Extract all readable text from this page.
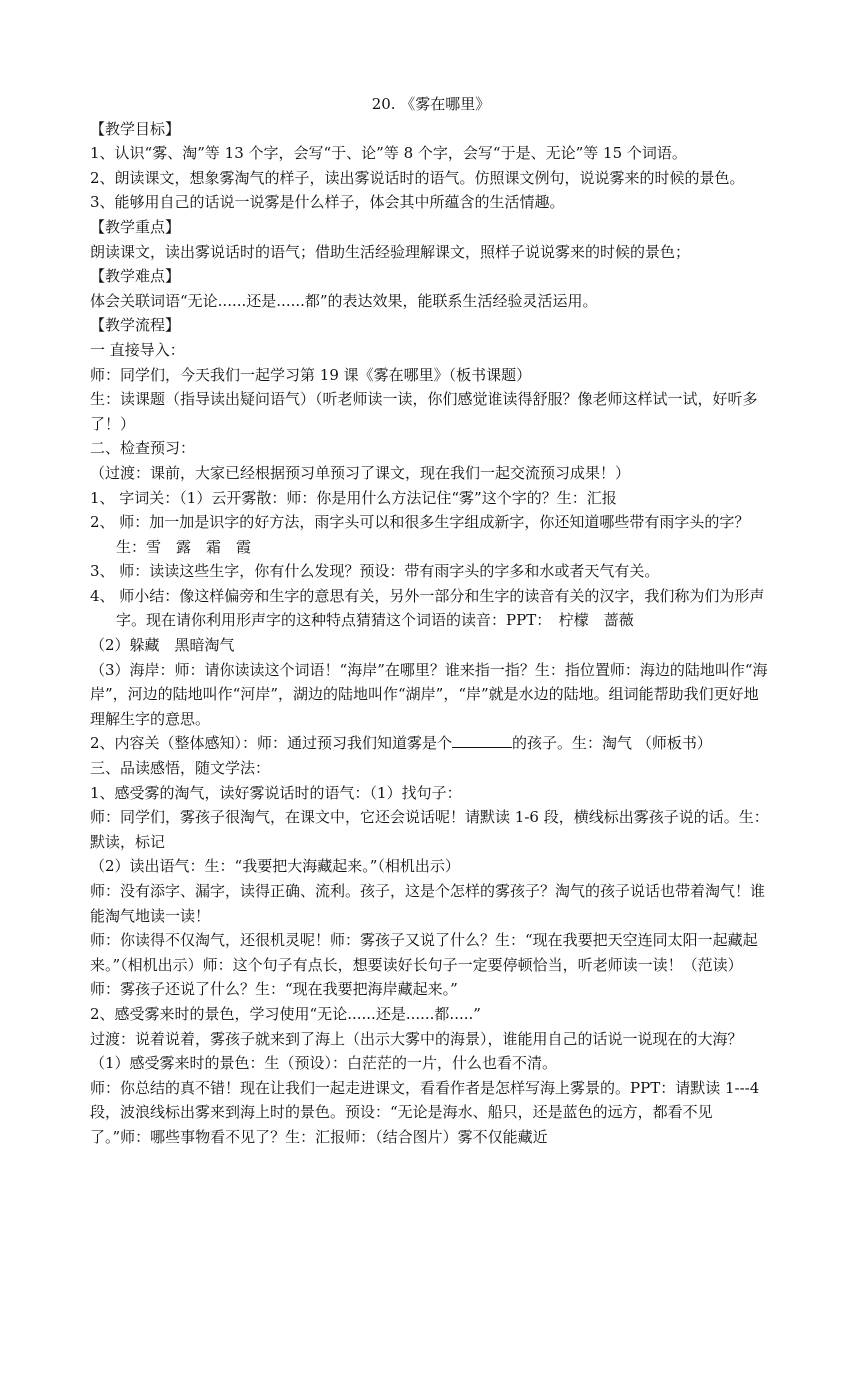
20. 《雾在哪里》

【教学目标】

1、认识“雾、淘”等 13 个字，会写“于、论”等 8 个字，会写“于是、无论”等 15 个词语。

2、朗读课文，想象雾淘气的样子，读出雾说话时的语气。仿照课文例句，说说雾来的时候的景色。

3、能够用自己的话说一说雾是什么样子，体会其中所蕴含的生活情趣。

【教学重点】

朗读课文，读出雾说话时的语气；借助生活经验理解课文，照样子说说雾来的时候的景色；

【教学难点】

体会关联词语“无论......还是......都”的表达效果，能联系生活经验灵活运用。

【教学流程】

一 直接导入：

师：同学们，今天我们一起学习第 19 课《雾在哪里》（板书课题）

生：读课题（指导读出疑问语气）（听老师读一读，你们感觉谁读得舒服？像老师这样试一试，好听多了！）

二、检查预习：

（过渡：课前，大家已经根据预习单预习了课文，现在我们一起交流预习成果！）

1、 字词关：（1）云开雾散：师：你是用什么方法记住“雾”这个字的？生：汇报

2、 师：加一加是识字的好方法，雨字头可以和很多生字组成新字，你还知道哪些带有雨字头的字？生：雪　露　霜　霞

3、 师：读读这些生字，你有什么发现？预设：带有雨字头的字多和水或者天气有关。

4、 师小结：像这样偏旁和生字的意思有关，另外一部分和生字的读音有关的汉字，我们称为们为形声字。现在请你利用形声字的这种特点猜猜这个词语的读音：PPT：　柠檬　蔷薇

（2）躲藏　黑暗淘气

（3）海岸：师：请你读读这个词语！“海岸”在哪里？谁来指一指？生：指位置师：海边的陆地叫作“海岸”，河边的陆地叫作“河岸”，湖边的陆地叫作“湖岸”，“岸”就是水边的陆地。组词能帮助我们更好地理解生字的意思。

2、内容关（整体感知）：师：通过预习我们知道雾是个	的孩子。生：淘气 （师板书）

三、品读感悟，随文学法：

1、感受雾的淘气，读好雾说话时的语气：（1）找句子：

师：同学们，雾孩子很淘气，在课文中，它还会说话呢！请默读 1-6 段，横线标出雾孩子说的话。生：默读，标记

（2）读出语气：生：“我要把大海藏起来。”（相机出示）

师：没有添字、漏字，读得正确、流利。孩子，这是个怎样的雾孩子？淘气的孩子说话也带着淘气！谁能淘气地读一读！

师：你读得不仅淘气，还很机灵呢！师：雾孩子又说了什么？生：“现在我要把天空连同太阳一起藏起来。”（相机出示）师：这个句子有点长，想要读好长句子一定要停顿恰当，听老师读一读！（范读）师：雾孩子还说了什么？生：“现在我要把海岸藏起来。”

2、感受雾来时的景色，学习使用“无论......还是......都.....”

过渡：说着说着，雾孩子就来到了海上（出示大雾中的海景），谁能用自己的话说一说现在的大海？（1）感受雾来时的景色：生（预设）：白茫茫的一片，什么也看不清。

师：你总结的真不错！现在让我们一起走进课文，看看作者是怎样写海上雾景的。PPT：请默读 1---4 段，波浪线标出雾来到海上时的景色。预设：“无论是海水、船只，还是蓝色的远方，都看不见了。”师：哪些事物看不见了？生：汇报师：（结合图片）雾不仅能藏近
